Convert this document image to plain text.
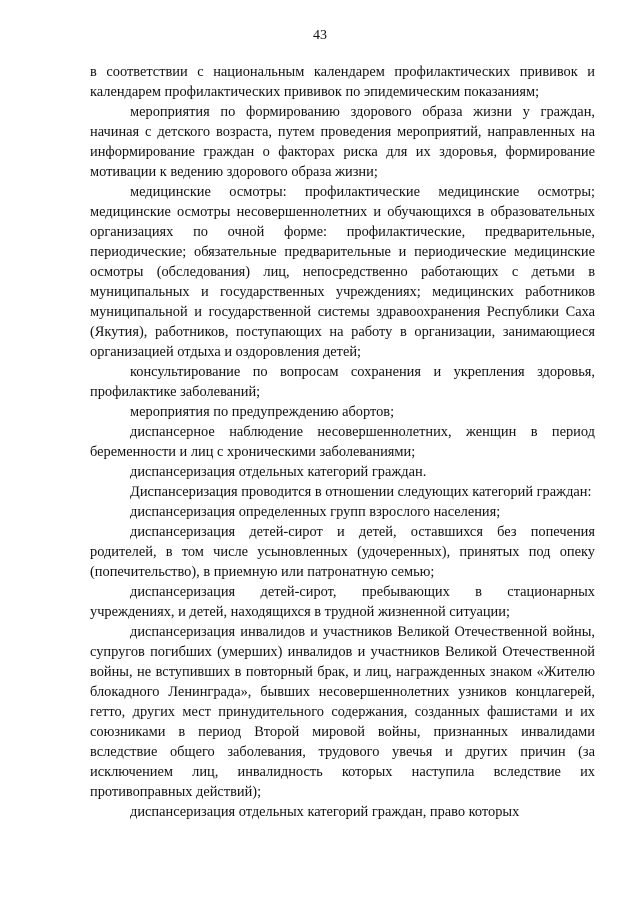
43

в соответствии с национальным календарем профилактических прививок и календарем профилактических прививок по эпидемическим показаниям;

мероприятия по формированию здорового образа жизни у граждан, начиная с детского возраста, путем проведения мероприятий, направленных на информирование граждан о факторах риска для их здоровья, формирование мотивации к ведению здорового образа жизни;

медицинские осмотры: профилактические медицинские осмотры; медицинские осмотры несовершеннолетних и обучающихся в образовательных организациях по очной форме: профилактические, предварительные, периодические; обязательные предварительные и периодические медицинские осмотры (обследования) лиц, непосредственно работающих с детьми в муниципальных и государственных учреждениях; медицинских работников муниципальной и государственной системы здравоохранения Республики Саха (Якутия), работников, поступающих на работу в организации, занимающиеся организацией отдыха и оздоровления детей;

консультирование по вопросам сохранения и укрепления здоровья, профилактике заболеваний;

мероприятия по предупреждению абортов;

диспансерное наблюдение несовершеннолетних, женщин в период беременности и лиц с хроническими заболеваниями;

диспансеризация отдельных категорий граждан.

Диспансеризация проводится в отношении следующих категорий граждан:

диспансеризация определенных групп взрослого населения;

диспансеризация детей-сирот и детей, оставшихся без попечения родителей, в том числе усыновленных (удочеренных), принятых под опеку (попечительство), в приемную или патронатную семью;

диспансеризация детей-сирот, пребывающих в стационарных учреждениях, и детей, находящихся в трудной жизненной ситуации;

диспансеризация инвалидов и участников Великой Отечественной войны, супругов погибших (умерших) инвалидов и участников Великой Отечественной войны, не вступивших в повторный брак, и лиц, награжденных знаком «Жителю блокадного Ленинграда», бывших несовершеннолетних узников концлагерей, гетто, других мест принудительного содержания, созданных фашистами и их союзниками в период Второй мировой войны, признанных инвалидами вследствие общего заболевания, трудового увечья и других причин (за исключением лиц, инвалидность которых наступила вследствие их противоправных действий);

диспансеризация отдельных категорий граждан, право которых
